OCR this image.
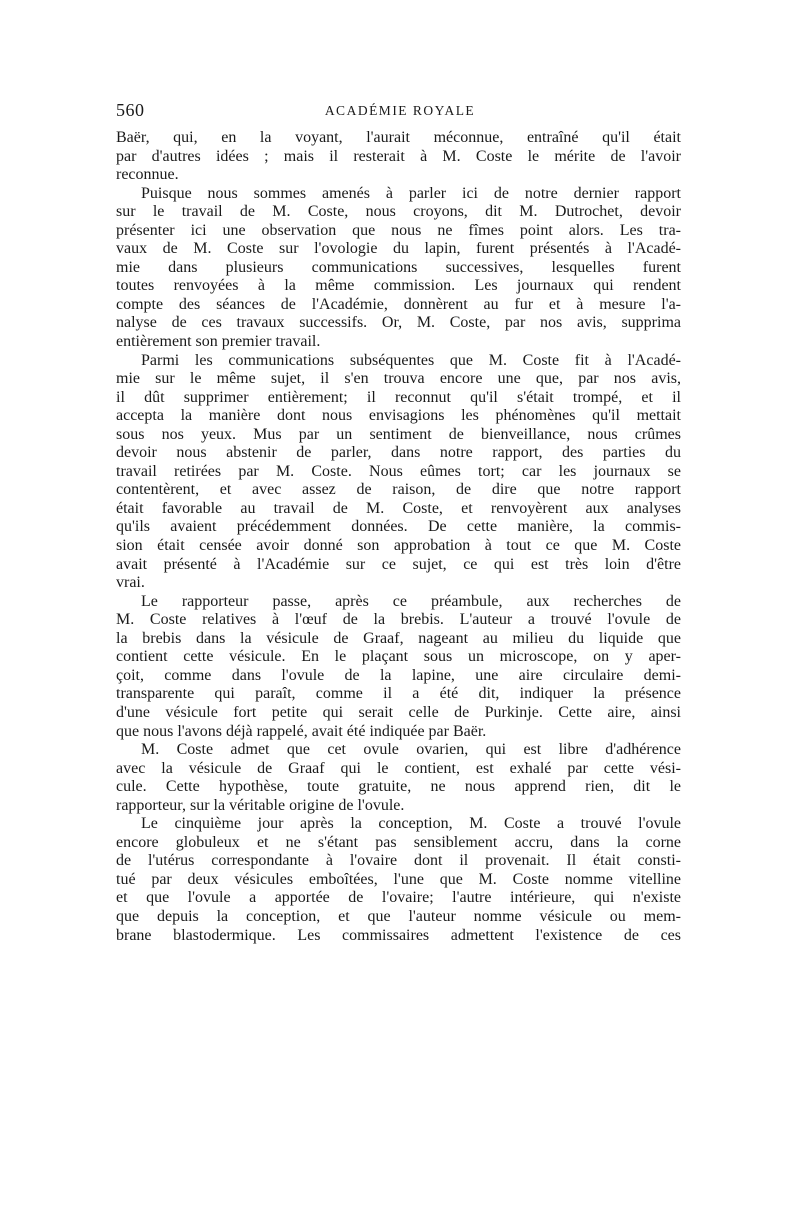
560	ACADÉMIE ROYALE
Baër, qui, en la voyant, l'aurait méconnue, entraîné qu'il était
par d'autres idées ; mais il resterait à M. Coste le mérite de l'avoir
reconnue.
Puisque nous sommes amenés à parler ici de notre dernier rapport
sur le travail de M. Coste, nous croyons, dit M. Dutrochet, devoir
présenter ici une observation que nous ne fîmes point alors. Les tra-
vaux de M. Coste sur l'ovologie du lapin, furent présentés à l'Acadé-
mie dans plusieurs communications successives, lesquelles furent
toutes renvoyées à la même commission. Les journaux qui rendent
compte des séances de l'Académie, donnèrent au fur et à mesure l'a-
nalyse de ces travaux successifs. Or, M. Coste, par nos avis, supprima
entièrement son premier travail.
Parmi les communications subséquentes que M. Coste fit à l'Acadé-
mie sur le même sujet, il s'en trouva encore une que, par nos avis,
il dût supprimer entièrement; il reconnut qu'il s'était trompé, et il
accepta la manière dont nous envisagions les phénomènes qu'il mettait
sous nos yeux. Mus par un sentiment de bienveillance, nous crûmes
devoir nous abstenir de parler, dans notre rapport, des parties du
travail retirées par M. Coste. Nous eûmes tort; car les journaux se
contentèrent, et avec assez de raison, de dire que notre rapport
était favorable au travail de M. Coste, et renvoyèrent aux analyses
qu'ils avaient précédemment données. De cette manière, la commis-
sion était censée avoir donné son approbation à tout ce que M. Coste
avait présenté à l'Académie sur ce sujet, ce qui est très loin d'être
vrai.
Le rapporteur passe, après ce préambule, aux recherches de
M. Coste relatives à l'œuf de la brebis. L'auteur a trouvé l'ovule de
la brebis dans la vésicule de Graaf, nageant au milieu du liquide que
contient cette vésicule. En le plaçant sous un microscope, on y aper-
çoit, comme dans l'ovule de la lapine, une aire circulaire demi-
transparente qui paraît, comme il a été dit, indiquer la présence
d'une vésicule fort petite qui serait celle de Purkinje. Cette aire, ainsi
que nous l'avons déjà rappelé, avait été indiquée par Baër.
M. Coste admet que cet ovule ovarien, qui est libre d'adhérence
avec la vésicule de Graaf qui le contient, est exhalé par cette vési-
cule. Cette hypothèse, toute gratuite, ne nous apprend rien, dit le
rapporteur, sur la véritable origine de l'ovule.
Le cinquième jour après la conception, M. Coste a trouvé l'ovule
encore globuleux et ne s'étant pas sensiblement accru, dans la corne
de l'utérus correspondante à l'ovaire dont il provenait. Il était consti-
tué par deux vésicules emboîtées, l'une que M. Coste nomme vitelline
et que l'ovule a apportée de l'ovaire; l'autre intérieure, qui n'existe
que depuis la conception, et que l'auteur nomme vésicule ou mem-
brane blastodermique. Les commissaires admettent l'existence de ces
